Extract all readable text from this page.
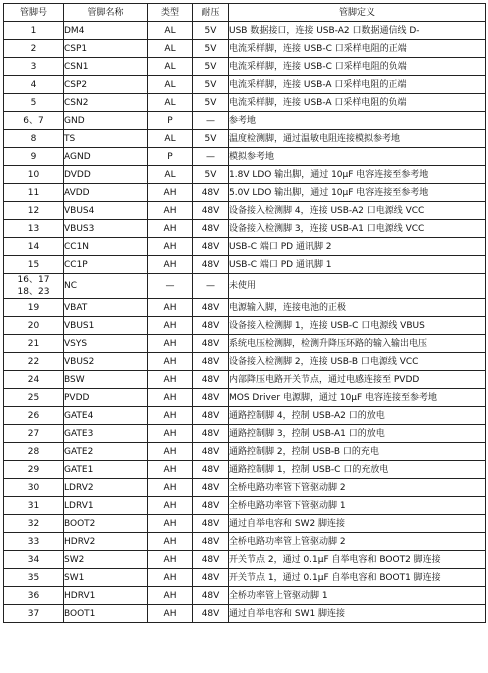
管脚号	管脚名称	类型	耐压	管脚定义

1	DM4	AL	5V	USB 数据接口，连接 USB-A2 口数据通信线 D-

2	CSP1	AL	5V	电流采样脚，连接 USB-C 口采样电阻的正端

3	CSN1	AL	5V	电流采样脚，连接 USB-C 口采样电阻的负端

4	CSP2	AL	5V	电流采样脚，连接 USB-A 口采样电阻的正端

5	CSN2	AL	5V	电流采样脚，连接 USB-A 口采样电阻的负端

6、7	GND	P	—	参考地

8	TS	AL	5V	温度检测脚，通过温敏电阻连接模拟参考地

9	AGND	P	—	模拟参考地

10	DVDD	AL	5V	1.8V LDO 输出脚，通过 10μF 电容连接至参考地

11	AVDD	AH	48V	5.0V LDO 输出脚，通过 10μF 电容连接至参考地

12	VBUS4	AH	48V	设备接入检测脚 4，连接 USB-A2 口电源线 VCC

13	VBUS3	AH	48V	设备接入检测脚 3，连接 USB-A1 口电源线 VCC

14	CC1N	AH	48V	USB-C 端口 PD 通讯脚 2

15	CC1P	AH	48V	USB-C 端口 PD 通讯脚 1

16、17
18、23	NC	—	—	未使用

19	VBAT	AH	48V	电源输入脚，连接电池的正极

20	VBUS1	AH	48V	设备接入检测脚 1，连接 USB-C 口电源线 VBUS

21	VSYS	AH	48V	系统电压检测脚，检测升降压环路的输入输出电压

22	VBUS2	AH	48V	设备接入检测脚 2，连接 USB-B 口电源线 VCC

24	BSW	AH	48V	内部降压电路开关节点，通过电感连接至 PVDD

25	PVDD	AH	48V	MOS Driver 电源脚，通过 10μF 电容连接至参考地

26	GATE4	AH	48V	通路控制脚 4，控制 USB-A2 口的放电

27	GATE3	AH	48V	通路控制脚 3，控制 USB-A1 口的放电

28	GATE2	AH	48V	通路控制脚 2，控制 USB-B 口的充电

29	GATE1	AH	48V	通路控制脚 1，控制 USB-C 口的充放电

30	LDRV2	AH	48V	全桥电路功率管下管驱动脚 2

31	LDRV1	AH	48V	全桥电路功率管下管驱动脚 1

32	BOOT2	AH	48V	通过自举电容和 SW2 脚连接

33	HDRV2	AH	48V	全桥电路功率管上管驱动脚 2

34	SW2	AH	48V	开关节点 2，通过 0.1μF 自举电容和 BOOT2 脚连接

35	SW1	AH	48V	开关节点 1，通过 0.1μF 自举电容和 BOOT1 脚连接

36	HDRV1	AH	48V	全桥功率管上管驱动脚 1

37	BOOT1	AH	48V	通过自举电容和 SW1 脚连接
